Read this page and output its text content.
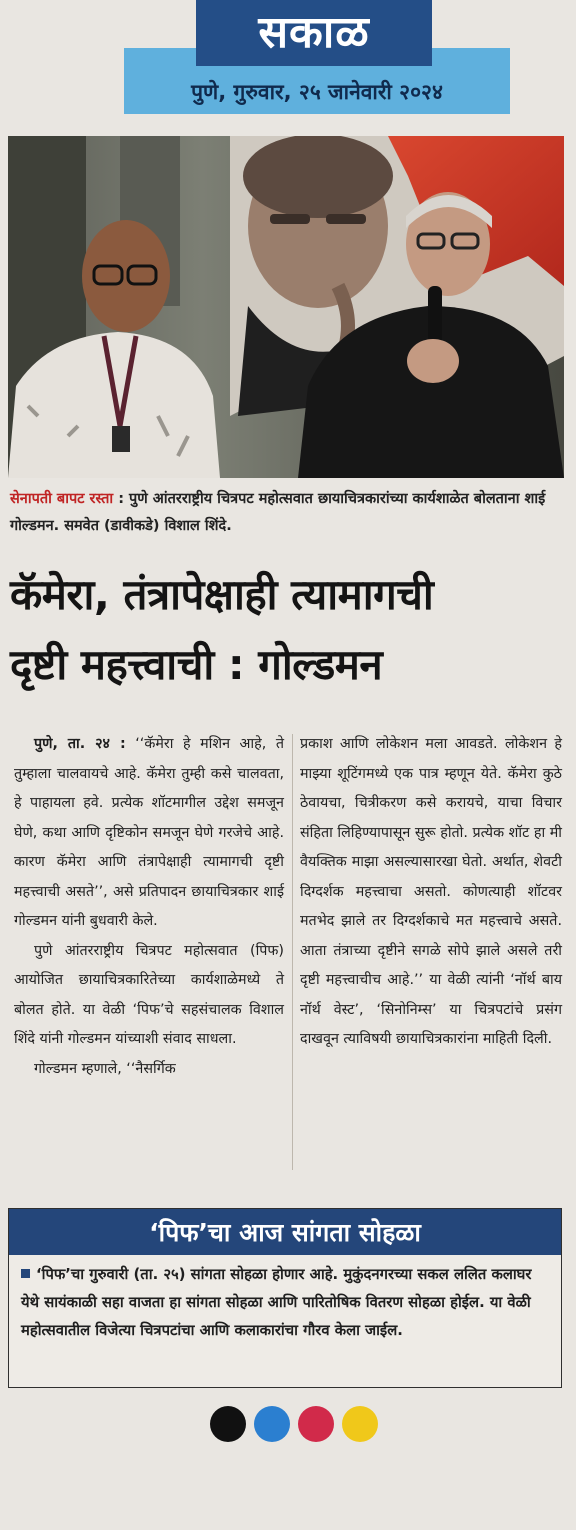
पुणे, गुरुवार, २५ जानेवारी २०२४
सकाळ
सेनापती बापट रस्ता : पुणे आंतरराष्ट्रीय चित्रपट महोत्सवात छायाचित्रकारांच्या कार्यशाळेत बोलताना शाई गोल्डमन. समवेत (डावीकडे) विशाल शिंदे.
कॅमेरा, तंत्रापेक्षाही त्यामागची
दृष्टी महत्त्वाची : गोल्डमन

पुणे, ता. २४ : ‘‘कॅमेरा हे मशिन आहे, ते तुम्हाला चालवायचे आहे. कॅमेरा तुम्ही कसे चालवता, हे पाहायला हवे. प्रत्येक शॉटमागील उद्देश समजून घेणे, कथा आणि दृष्टिकोन समजून घेणे गरजेचे आहे. कारण कॅमेरा आणि तंत्रापेक्षाही त्यामागची दृष्टी महत्त्वाची असते’’, असे प्रतिपादन छायाचित्रकार शाई गोल्डमन यांनी बुधवारी केले.

पुणे आंतरराष्ट्रीय चित्रपट महोत्सवात (पिफ) आयोजित छायाचित्रकारितेच्या कार्यशाळेमध्ये ते बोलत होते. या वेळी ‘पिफ’चे सहसंचालक विशाल शिंदे यांनी गोल्डमन यांच्याशी संवाद साधला.

गोल्डमन म्हणाले, ‘‘नैसर्गिक

प्रकाश आणि लोकेशन मला आवडते. लोकेशन हे माझ्या शूटिंगमध्ये एक पात्र म्हणून येते. कॅमेरा कुठे ठेवायचा, चित्रीकरण कसे करायचे, याचा विचार संहिता लिहिण्यापासून सुरू होतो. प्रत्येक शॉट हा मी वैयक्तिक माझा असल्यासारखा घेतो. अर्थात, शेवटी दिग्दर्शक महत्त्वाचा असतो. कोणत्याही शॉटवर मतभेद झाले तर दिग्दर्शकाचे मत महत्त्वाचे असते. आता तंत्राच्या दृष्टीने सगळे सोपे झाले असले तरी दृष्टी महत्त्वाचीच आहे.’’ या वेळी त्यांनी ‘नॉर्थ बाय नॉर्थ वेस्ट’, ‘सिनोनिम्स’ या चित्रपटांचे प्रसंग दाखवून त्याविषयी छायाचित्रकारांना माहिती दिली.

‘पिफ’चा आज सांगता सोहळा
‘पिफ’चा गुरुवारी (ता. २५) सांगता सोहळा होणार आहे. मुकुंदनगरच्या सकल ललित कलाघर येथे सायंकाळी सहा वाजता हा सांगता सोहळा आणि पारितोषिक वितरण सोहळा होईल. या वेळी महोत्सवातील विजेत्या चित्रपटांचा आणि कलाकारांचा गौरव केला जाईल.
